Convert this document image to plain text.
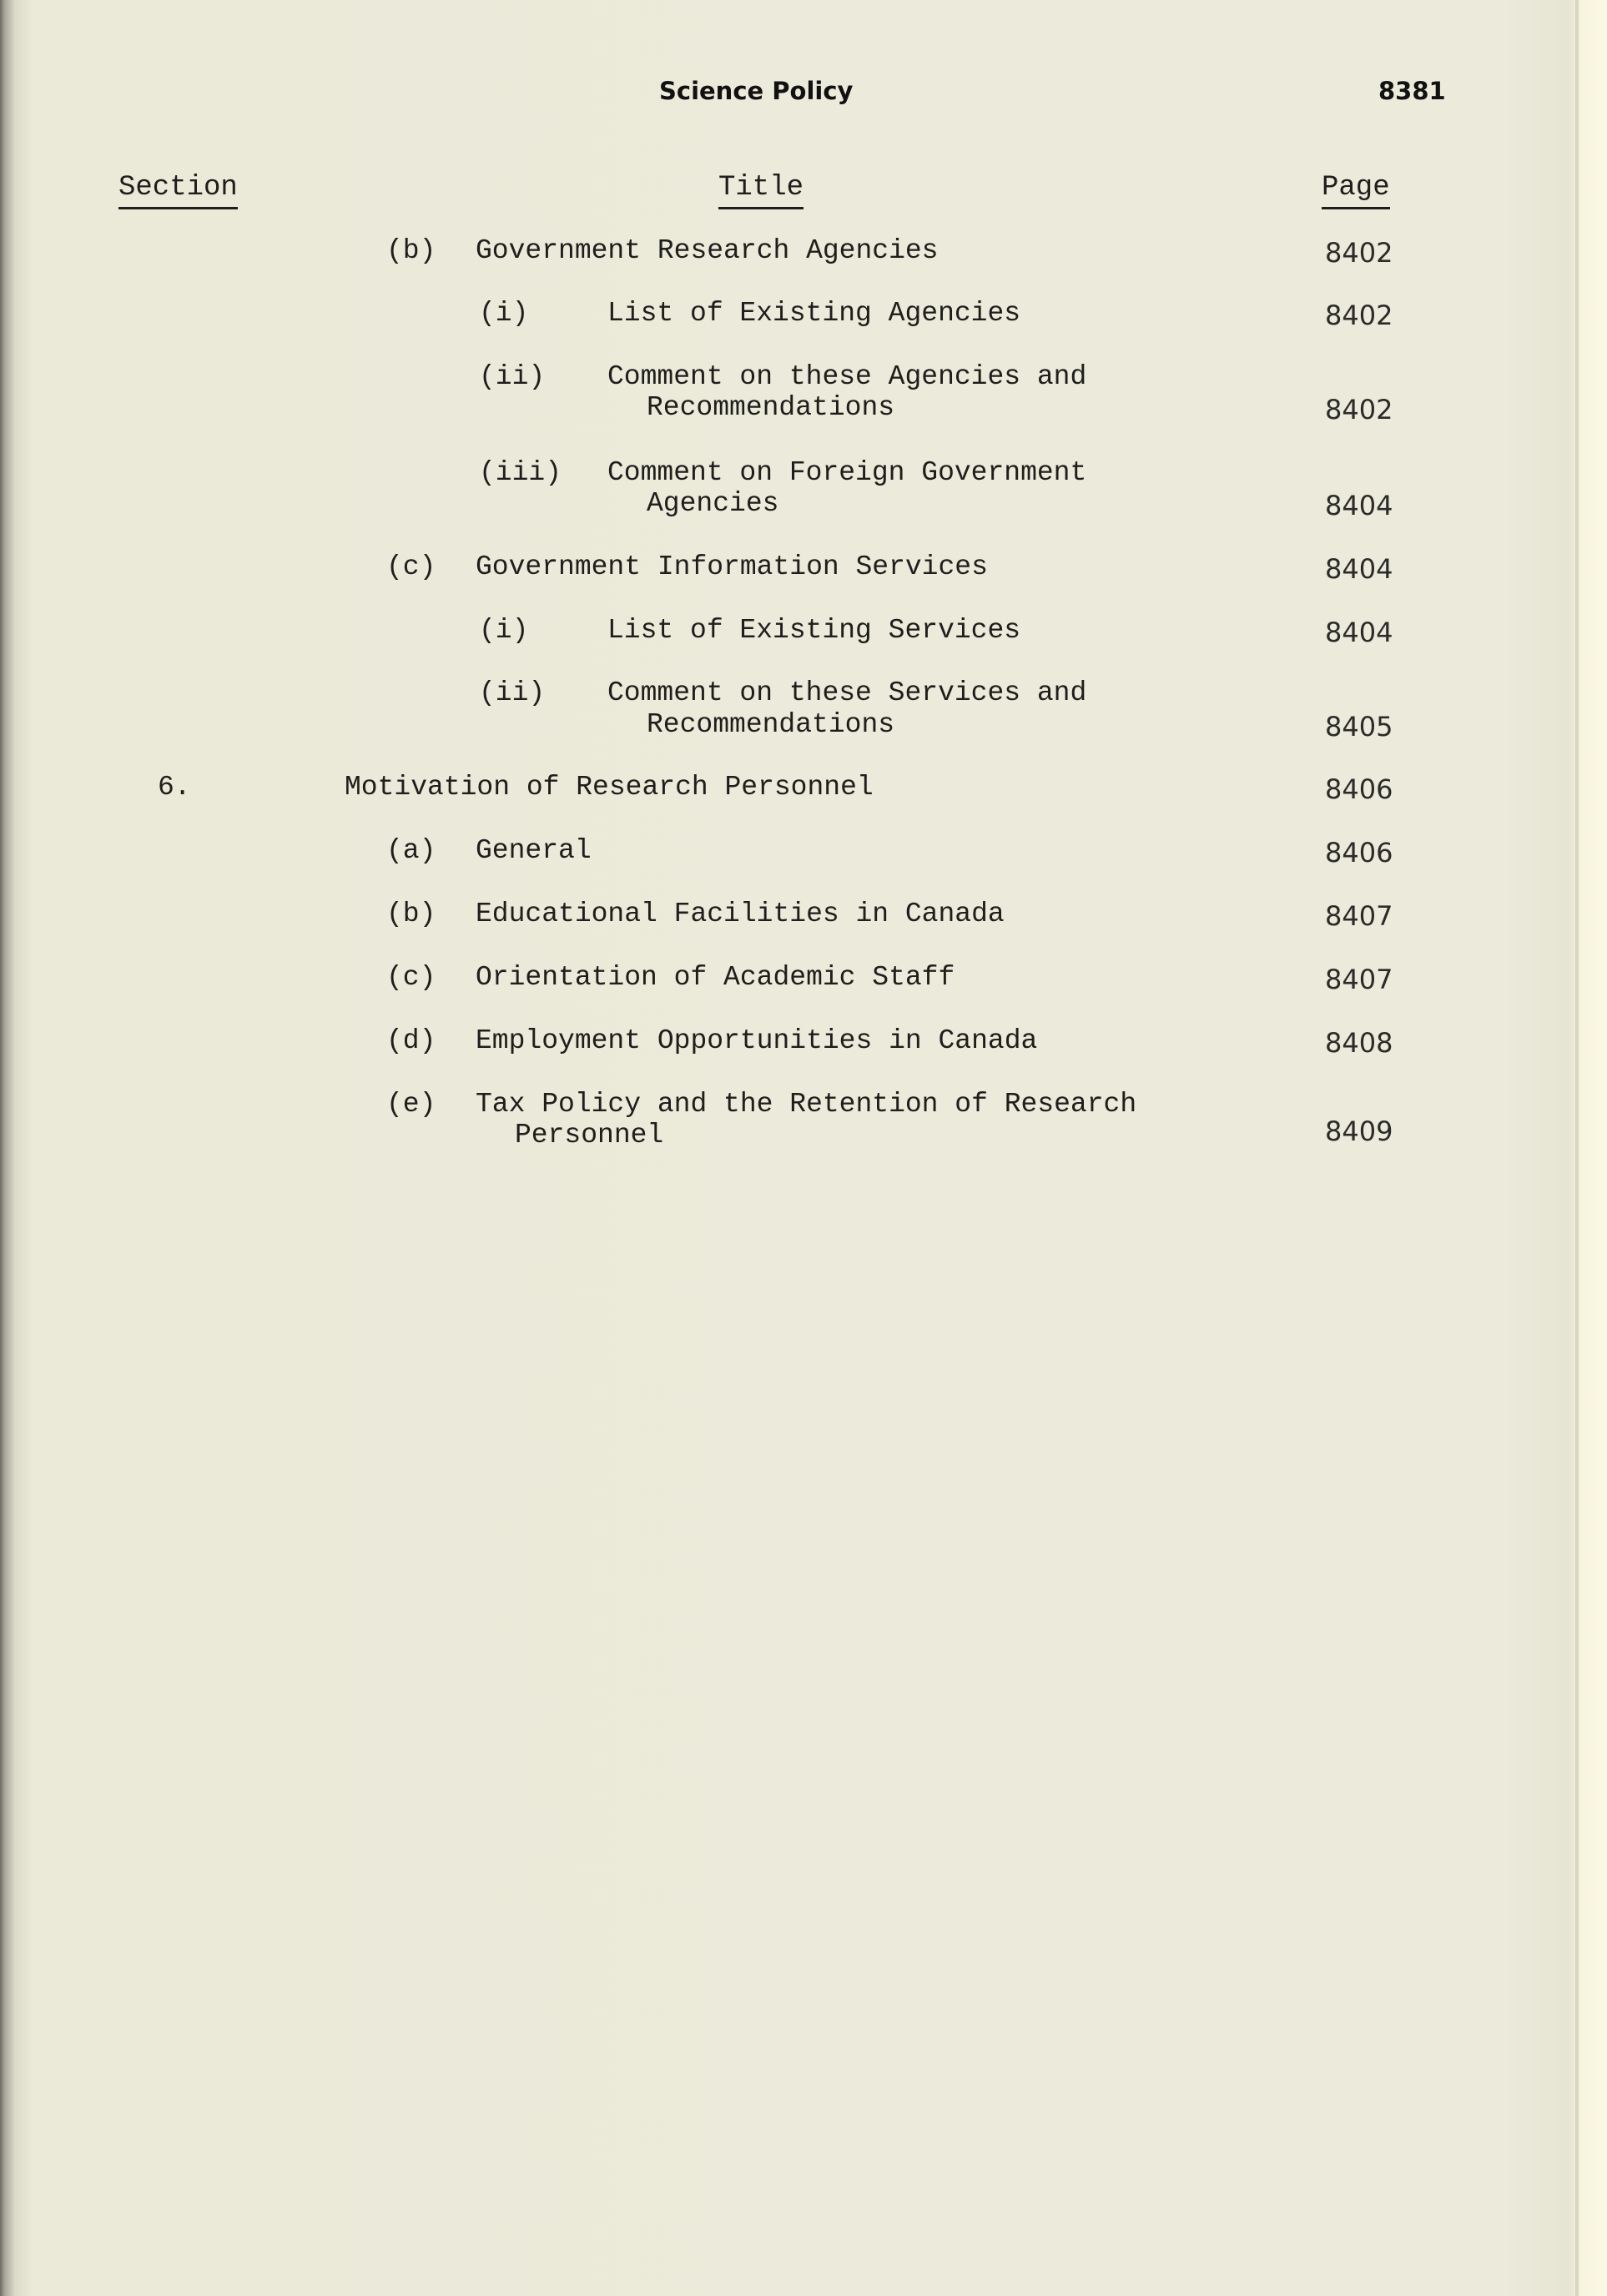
Science Policy	8381
Section	Title	Page
(b) Government Research Agencies	8402
(i)	List of Existing Agencies	8402
(ii) Comment on these Agencies and
Recommendations	8402
(iii) Comment on Foreign Government
Agencies	8404
(c) Government Information Services	8404
(i)	List of Existing Services	8404
(ii) Comment on these Services and
Recommendations	8405
6.	Motivation of Research Personnel	8406
(a) General	8406
(b) Educational Facilities in Canada	8407
(c) Orientation of Academic Staff	8407
(d) Employment Opportunities in Canada	8408
(e) Tax Policy and the Retention of Research
Personnel	8409
